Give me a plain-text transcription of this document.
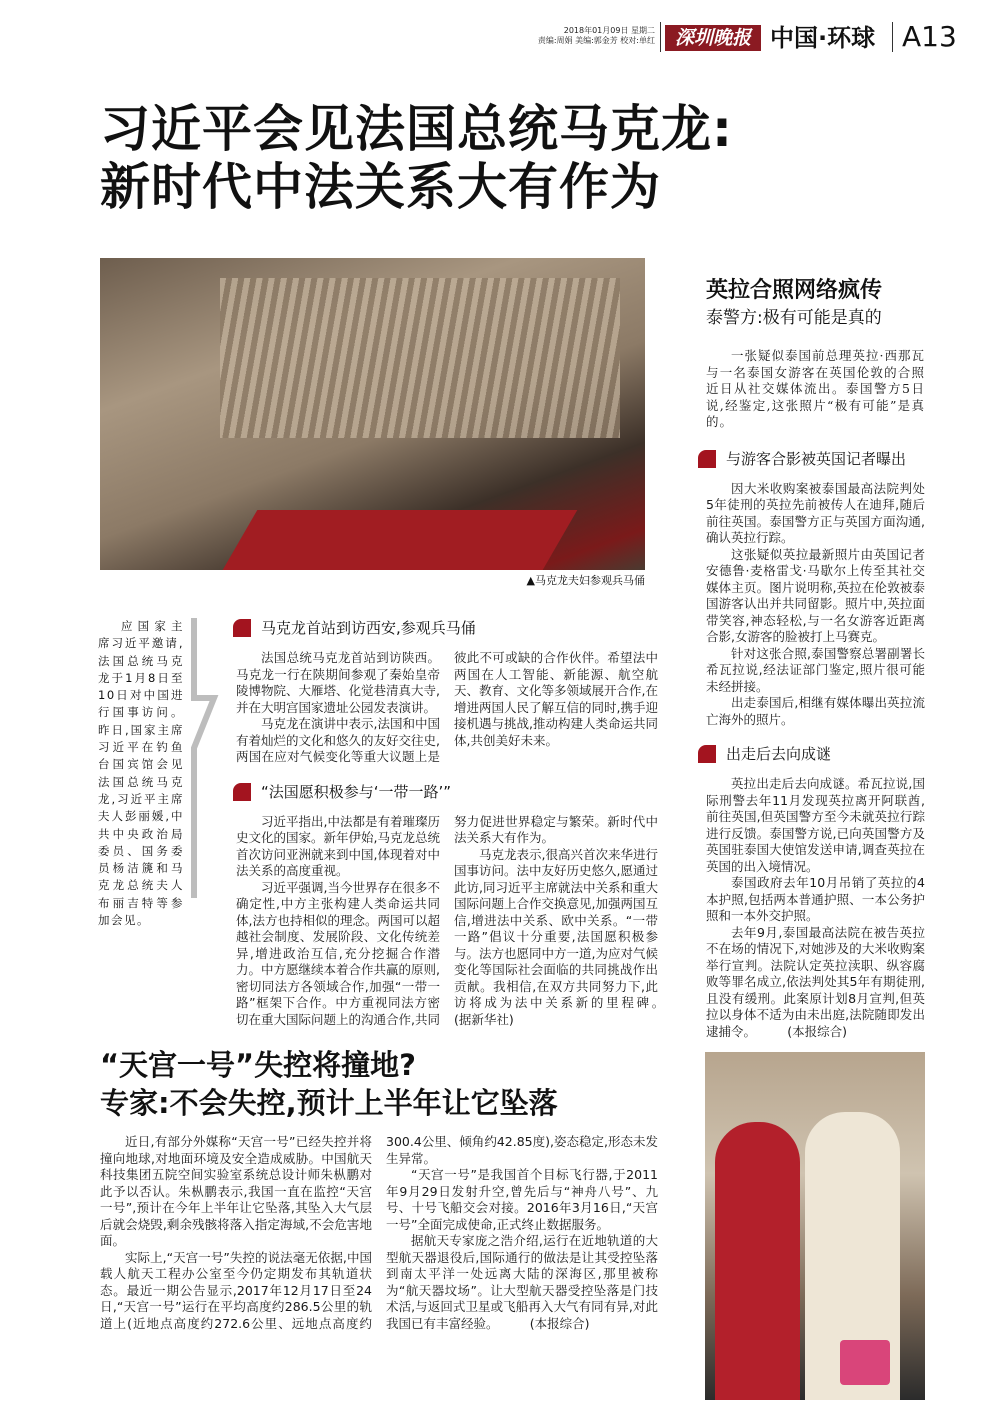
2018年01月09日 星期二
责编:周娟 美编:郭金芳 校对:单红	深圳晚报 中国·环球 A13
习近平会见法国总统马克龙:
新时代中法关系大有作为
▲马克龙夫妇参观兵马俑

应国家主席习近平邀请,法国总统马克龙于1月8日至10日对中国进行国事访问。昨日,国家主席习近平在钓鱼台国宾馆会见法国总统马克龙,习近平主席夫人彭丽媛,中共中央政治局委员、国务委员杨洁篪和马克龙总统夫人布丽吉特等参加会见。

马克龙首站到访西安,参观兵马俑

法国总统马克龙首站到访陕西。马克龙一行在陕期间参观了秦始皇帝陵博物院、大雁塔、化觉巷清真大寺,并在大明宫国家遗址公园发表演讲。

马克龙在演讲中表示,法国和中国有着灿烂的文化和悠久的友好交往史,两国在应对气候变化等重大议题上是彼此不可或缺的合作伙伴。希望法中两国在人工智能、新能源、航空航天、教育、文化等多领域展开合作,在增进两国人民了解互信的同时,携手迎接机遇与挑战,推动构建人类命运共同体,共创美好未来。

“法国愿积极参与‘一带一路’”

习近平指出,中法都是有着璀璨历史文化的国家。新年伊始,马克龙总统首次访问亚洲就来到中国,体现着对中法关系的高度重视。

习近平强调,当今世界存在很多不确定性,中方主张构建人类命运共同体,法方也持相似的理念。两国可以超越社会制度、发展阶段、文化传统差异,增进政治互信,充分挖掘合作潜力。中方愿继续本着合作共赢的原则,密切同法方各领域合作,加强“一带一路”框架下合作。中方重视同法方密切在重大国际问题上的沟通合作,共同努力促进世界稳定与繁荣。新时代中法关系大有作为。

马克龙表示,很高兴首次来华进行国事访问。法中友好历史悠久,愿通过此访,同习近平主席就法中关系和重大国际问题上合作交换意见,加强两国互信,增进法中关系、欧中关系。“一带一路”倡议十分重要,法国愿积极参与。法方也愿同中方一道,为应对气候变化等国际社会面临的共同挑战作出贡献。我相信,在双方共同努力下,此访将成为法中关系新的里程碑。　　　(据新华社)

“天宫一号”失控将撞地?
专家:不会失控,预计上半年让它坠落

近日,有部分外媒称“天宫一号”已经失控并将撞向地球,对地面环境及安全造成威胁。中国航天科技集团五院空间实验室系统总设计师朱枞鹏对此予以否认。朱枞鹏表示,我国一直在监控“天宫一号”,预计在今年上半年让它坠落,其坠入大气层后就会烧毁,剩余残骸将落入指定海域,不会危害地面。

实际上,“天宫一号”失控的说法毫无依据,中国载人航天工程办公室至今仍定期发布其轨道状态。最近一期公告显示,2017年12月17日至24日,“天宫一号”运行在平均高度约286.5公里的轨道上(近地点高度约272.6公里、远地点高度约300.4公里、倾角约42.85度),姿态稳定,形态未发生异常。

“天宫一号”是我国首个目标飞行器,于2011年9月29日发射升空,曾先后与“神舟八号”、九号、十号飞船交会对接。2016年3月16日,“天宫一号”全面完成使命,正式终止数据服务。

据航天专家庞之浩介绍,运行在近地轨道的大型航天器退役后,国际通行的做法是让其受控坠落到南太平洋一处远离大陆的深海区,那里被称为“航天器坟场”。让大型航天器受控坠落是门技术活,与返回式卫星或飞船再入大气有同有异,对此我国已有丰富经验。　　　(本报综合)

英拉合照网络疯传
泰警方:极有可能是真的

一张疑似泰国前总理英拉·西那瓦与一名泰国女游客在英国伦敦的合照近日从社交媒体流出。泰国警方5日说,经鉴定,这张照片“极有可能”是真的。

与游客合影被英国记者曝出

因大米收购案被泰国最高法院判处5年徒刑的英拉先前被传人在迪拜,随后前往英国。泰国警方正与英国方面沟通,确认英拉行踪。

这张疑似英拉最新照片由英国记者安德鲁·麦格雷戈·马歇尔上传至其社交媒体主页。图片说明称,英拉在伦敦被泰国游客认出并共同留影。照片中,英拉面带笑容,神态轻松,与一名女游客近距离合影,女游客的脸被打上马赛克。

针对这张合照,泰国警察总署副署长希瓦拉说,经法证部门鉴定,照片很可能未经拼接。

出走泰国后,相继有媒体曝出英拉流亡海外的照片。

出走后去向成谜

英拉出走后去向成谜。希瓦拉说,国际刑警去年11月发现英拉离开阿联酋,前往英国,但英国警方至今未就英拉行踪进行反馈。泰国警方说,已向英国警方及英国驻泰国大使馆发送申请,调查英拉在英国的出入境情况。

泰国政府去年10月吊销了英拉的4本护照,包括两本普通护照、一本公务护照和一本外交护照。

去年9月,泰国最高法院在被告英拉不在场的情况下,对她涉及的大米收购案举行宣判。法院认定英拉渎职、纵容腐败等罪名成立,依法判处其5年有期徒刑,且没有缓刑。此案原计划8月宣判,但英拉以身体不适为由未出庭,法院随即发出逮捕令。　　　(本报综合)
